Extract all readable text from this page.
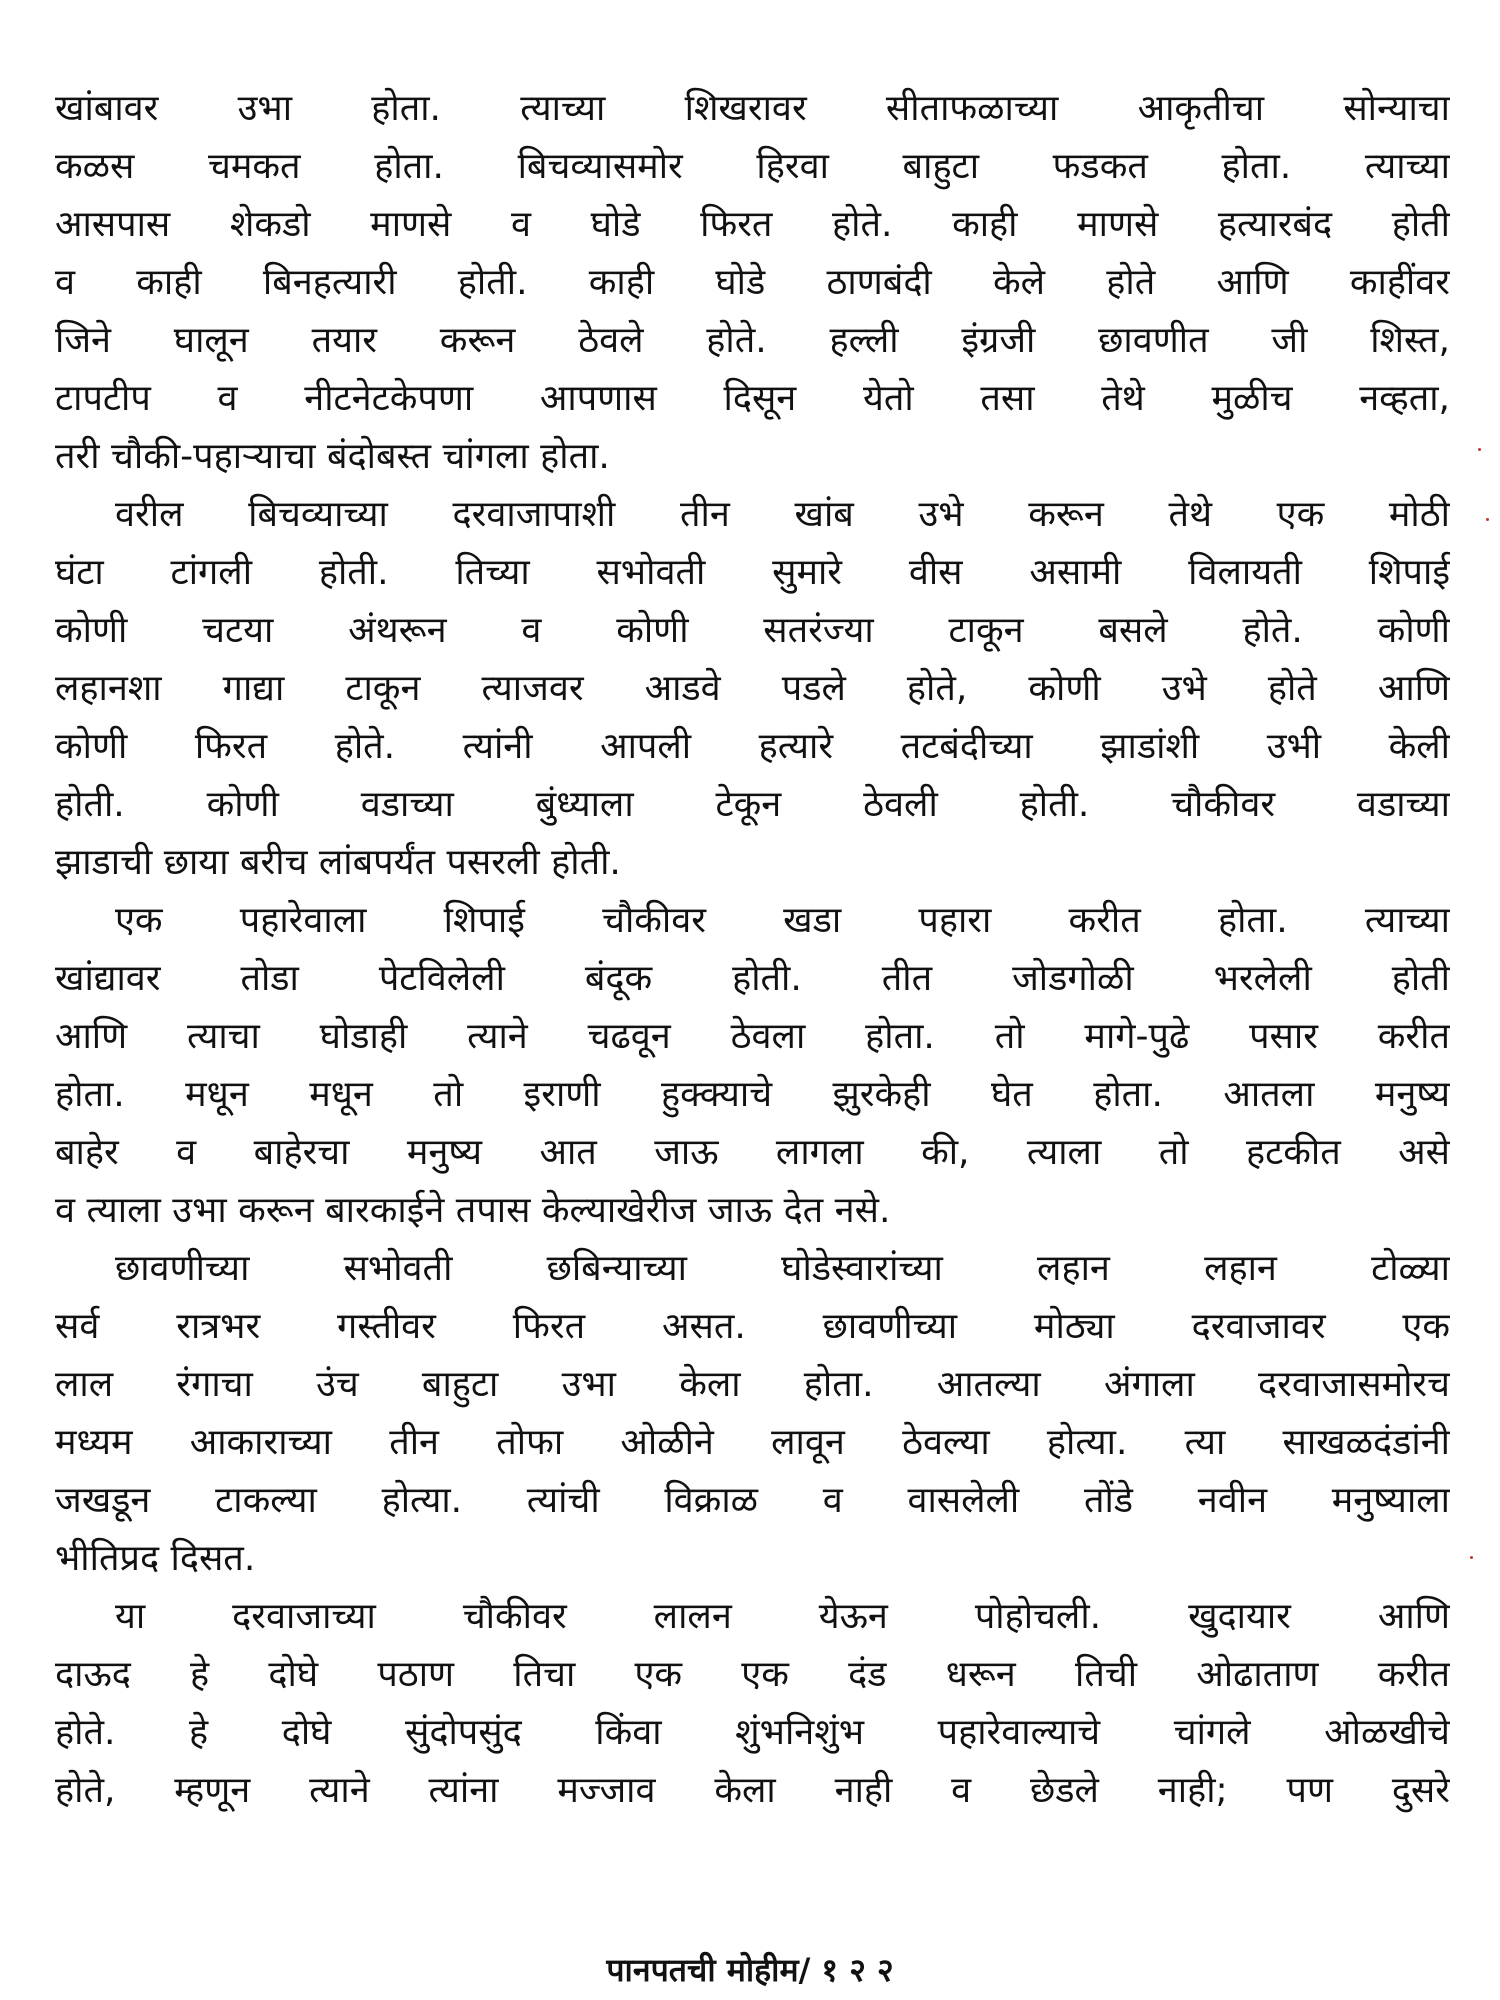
खांबावर उभा होता. त्याच्या शिखरावर सीताफळाच्या आकृतीचा सोन्याचा
कळस चमकत होता. बिचव्यासमोर हिरवा बाहुटा फडकत होता. त्याच्या
आसपास शेकडो माणसे व घोडे फिरत होते. काही माणसे हत्यारबंद होती
व काही बिनहत्यारी होती. काही घोडे ठाणबंदी केले होते आणि काहींवर
जिने घालून तयार करून ठेवले होते. हल्ली इंग्रजी छावणीत जी शिस्त,
टापटीप व नीटनेटकेपणा आपणास दिसून येतो तसा तेथे मुळीच नव्हता,
तरी चौकी-पहाऱ्याचा बंदोबस्त चांगला होता.
वरील बिचव्याच्या दरवाजापाशी तीन खांब उभे करून तेथे एक मोठी
घंटा टांगली होती. तिच्या सभोवती सुमारे वीस असामी विलायती शिपाई
कोणी चटया अंथरून व कोणी सतरंज्या टाकून बसले होते. कोणी
लहानशा गाद्या टाकून त्याजवर आडवे पडले होते, कोणी उभे होते आणि
कोणी फिरत होते. त्यांनी आपली हत्यारे तटबंदीच्या झाडांशी उभी केली
होती. कोणी वडाच्या बुंध्याला टेकून ठेवली होती. चौकीवर वडाच्या
झाडाची छाया बरीच लांबपर्यंत पसरली होती.
एक पहारेवाला शिपाई चौकीवर खडा पहारा करीत होता. त्याच्या
खांद्यावर तोडा पेटविलेली बंदूक होती. तीत जोडगोळी भरलेली होती
आणि त्याचा घोडाही त्याने चढवून ठेवला होता. तो मागे-पुढे पसार करीत
होता. मधून मधून तो इराणी हुक्क्याचे झुरकेही घेत होता. आतला मनुष्य
बाहेर व बाहेरचा मनुष्य आत जाऊ लागला की, त्याला तो हटकीत असे
व त्याला उभा करून बारकाईने तपास केल्याखेरीज जाऊ देत नसे.
छावणीच्या सभोवती छबिन्याच्या घोडेस्वारांच्या लहान लहान टोळ्या
सर्व रात्रभर गस्तीवर फिरत असत. छावणीच्या मोठ्या दरवाजावर एक
लाल रंगाचा उंच बाहुटा उभा केला होता. आतल्या अंगाला दरवाजासमोरच
मध्यम आकाराच्या तीन तोफा ओळीने लावून ठेवल्या होत्या. त्या साखळदंडांनी
जखडून टाकल्या होत्या. त्यांची विक्राळ व वासलेली तोंडे नवीन मनुष्याला
भीतिप्रद दिसत.
या दरवाजाच्या चौकीवर लालन येऊन पोहोचली. खुदायार आणि
दाऊद हे दोघे पठाण तिचा एक एक दंड धरून तिची ओढाताण करीत
होते. हे दोघे सुंदोपसुंद किंवा शुंभनिशुंभ पहारेवाल्याचे चांगले ओळखीचे
होते, म्हणून त्याने त्यांना मज्जाव केला नाही व छेडले नाही; पण दुसरे
पानपतची मोहीम/ १ २ २
